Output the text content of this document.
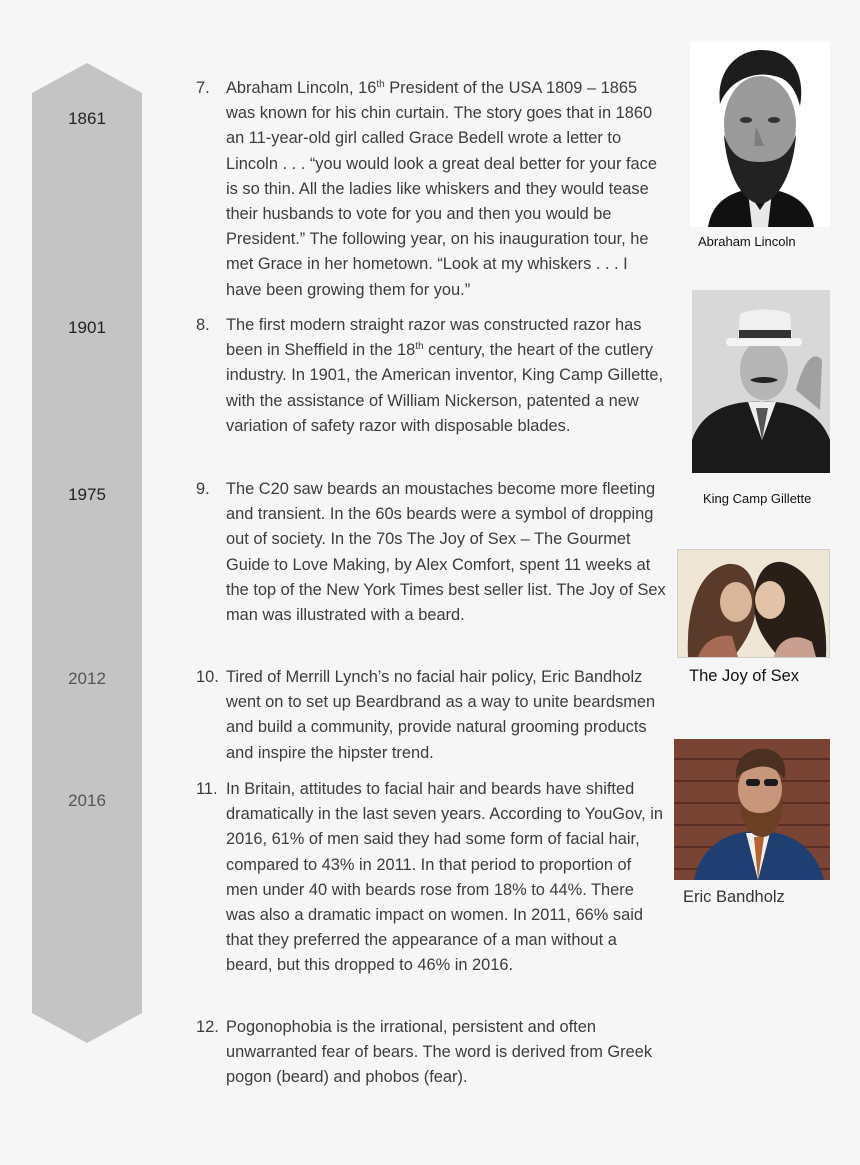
1861
1901
1975
2012
2016
7. Abraham Lincoln, 16th President of the USA 1809 – 1865 was known for his chin curtain. The story goes that in 1860 an 11-year-old girl called Grace Bedell wrote a letter to Lincoln . . . “you would look a great deal better for your face is so thin. All the ladies like whiskers and they would tease their husbands to vote for you and then you would be President.” The following year, on his inauguration tour, he met Grace in her hometown. “Look at my whiskers . . . I have been growing them for you.”
8. The first modern straight razor was constructed razor has been in Sheffield in the 18th century, the heart of the cutlery industry. In 1901, the American inventor, King Camp Gillette, with the assistance of William Nickerson, patented a new variation of safety razor with disposable blades.
9. The C20 saw beards an moustaches become more fleeting and transient. In the 60s beards were a symbol of dropping out of society. In the 70s The Joy of Sex – The Gourmet Guide to Love Making, by Alex Comfort, spent 11 weeks at the top of the New York Times best seller list. The Joy of Sex man was illustrated with a beard.
10. Tired of Merrill Lynch’s no facial hair policy, Eric Bandholz went on to set up Beardbrand as a way to unite beardsmen and build a community, provide natural grooming products and inspire the hipster trend.
11. In Britain, attitudes to facial hair and beards have shifted dramatically in the last seven years. According to YouGov, in 2016, 61% of men said they had some form of facial hair, compared to 43% in 2011. In that period to proportion of men under 40 with beards rose from 18% to 44%. There was also a dramatic impact on women. In 2011, 66% said that they preferred the appearance of a man without a beard, but this dropped to 46% in 2016.
12. Pogonophobia is the irrational, persistent and often unwarranted fear of bears. The word is derived from Greek pogon (beard) and phobos (fear).
Abraham Lincoln
King Camp Gillette
The Joy of Sex
Eric Bandholz
